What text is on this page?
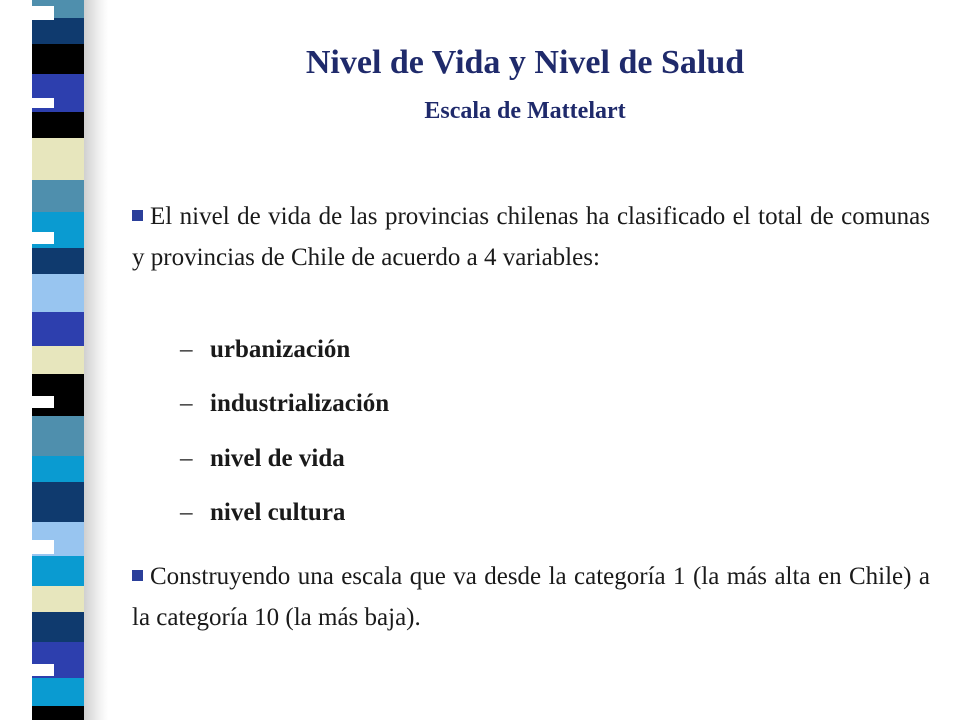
Nivel de Vida y Nivel de Salud
Escala de Mattelart

El nivel de vida de las provincias chilenas ha clasificado el total de comunas y provincias de Chile de acuerdo a 4 variables:

– urbanización

– industrialización

– nivel de vida

– nivel cultura

Construyendo una escala que va desde la categoría 1 (la más alta en Chile) a la categoría 10 (la más baja).
